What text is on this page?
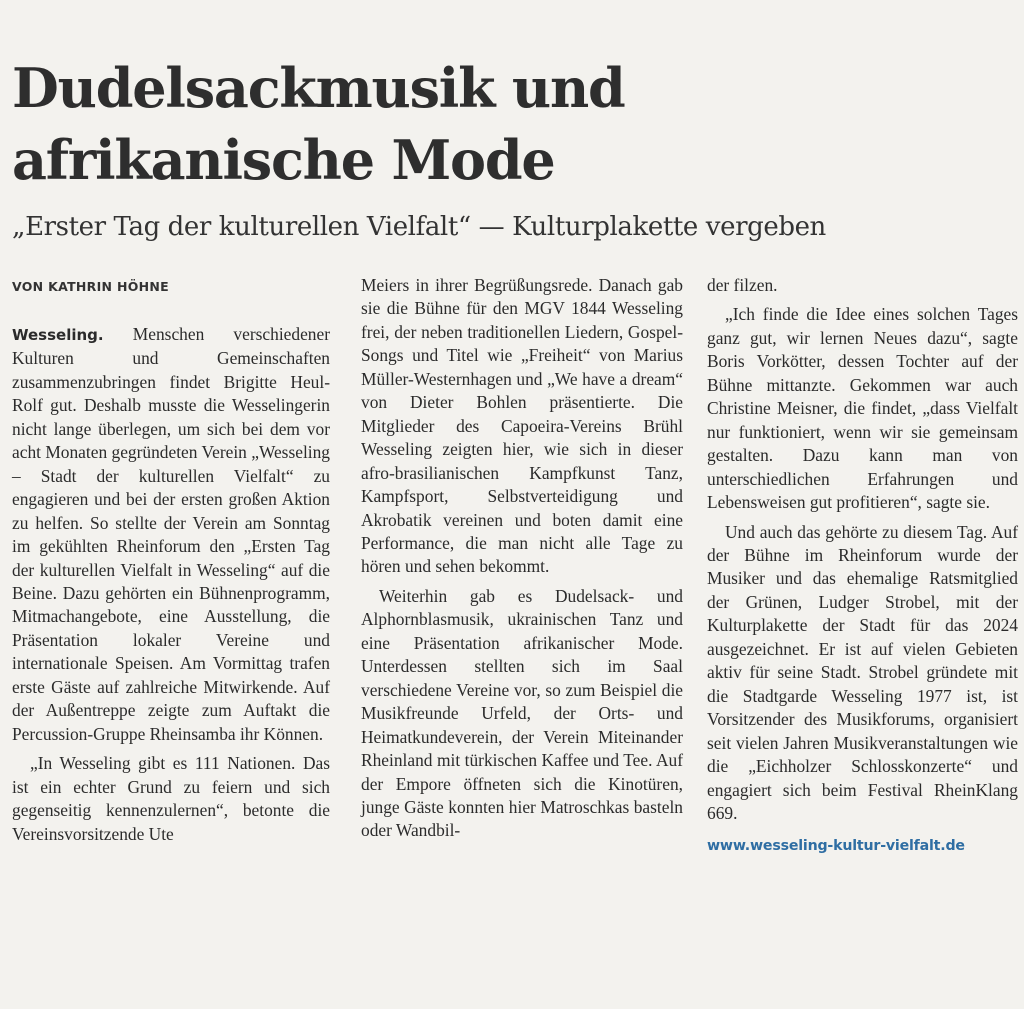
Dudelsackmusik und
afrikanische Mode
„Erster Tag der kulturellen Vielfalt“ — Kulturplakette vergeben
VON KATHRIN HÖHNE

Wesseling. Menschen verschiedener Kulturen und Gemeinschaften zusammenzubringen findet Brigitte Heul-Rolf gut. Deshalb musste die Wesselingerin nicht lange überlegen, um sich bei dem vor acht Monaten gegründeten Verein „Wesseling – Stadt der kulturellen Vielfalt“ zu engagieren und bei der ersten großen Aktion zu helfen. So stellte der Verein am Sonntag im gekühlten Rheinforum den „Ersten Tag der kulturellen Vielfalt in Wesseling“ auf die Beine. Dazu gehörten ein Bühnenprogramm, Mitmachangebote, eine Ausstellung, die Präsentation lokaler Vereine und internationale Speisen. Am Vormittag trafen erste Gäste auf zahlreiche Mitwirkende. Auf der Außentreppe zeigte zum Auftakt die Percussion-Gruppe Rheinsamba ihr Können.

„In Wesseling gibt es 111 Nationen. Das ist ein echter Grund zu feiern und sich gegenseitig kennenzulernen“, betonte die Vereinsvorsitzende Ute

Meiers in ihrer Begrüßungsrede. Danach gab sie die Bühne für den MGV 1844 Wesseling frei, der neben traditionellen Liedern, Gospel-Songs und Titel wie „Freiheit“ von Marius Müller-Westernhagen und „We have a dream“ von Dieter Bohlen präsentierte. Die Mitglieder des Capoeira-Vereins Brühl Wesseling zeigten hier, wie sich in dieser afro-brasilianischen Kampfkunst Tanz, Kampfsport, Selbstverteidigung und Akrobatik vereinen und boten damit eine Performance, die man nicht alle Tage zu hören und sehen bekommt.

Weiterhin gab es Dudelsack- und Alphornblasmusik, ukrainischen Tanz und eine Präsentation afrikanischer Mode. Unterdessen stellten sich im Saal verschiedene Vereine vor, so zum Beispiel die Musikfreunde Urfeld, der Orts- und Heimatkundeverein, der Verein Miteinander Rheinland mit türkischen Kaffee und Tee. Auf der Empore öffneten sich die Kinotüren, junge Gäste konnten hier Matroschkas basteln oder Wandbil-

der filzen.

„Ich finde die Idee eines solchen Tages ganz gut, wir lernen Neues dazu“, sagte Boris Vorkötter, dessen Tochter auf der Bühne mittanzte. Gekommen war auch Christine Meisner, die findet, „dass Vielfalt nur funktioniert, wenn wir sie gemeinsam gestalten. Dazu kann man von unterschiedlichen Erfahrungen und Lebensweisen gut profitieren“, sagte sie.

Und auch das gehörte zu diesem Tag. Auf der Bühne im Rheinforum wurde der Musiker und das ehemalige Ratsmitglied der Grünen, Ludger Strobel, mit der Kulturplakette der Stadt für das 2024 ausgezeichnet. Er ist auf vielen Gebieten aktiv für seine Stadt. Strobel gründete mit die Stadtgarde Wesseling 1977 ist, ist Vorsitzender des Musikforums, organisiert seit vielen Jahren Musikveranstaltungen wie die „Eichholzer Schlosskonzerte“ und engagiert sich beim Festival RheinKlang 669.

www.wesseling-kultur-vielfalt.de
